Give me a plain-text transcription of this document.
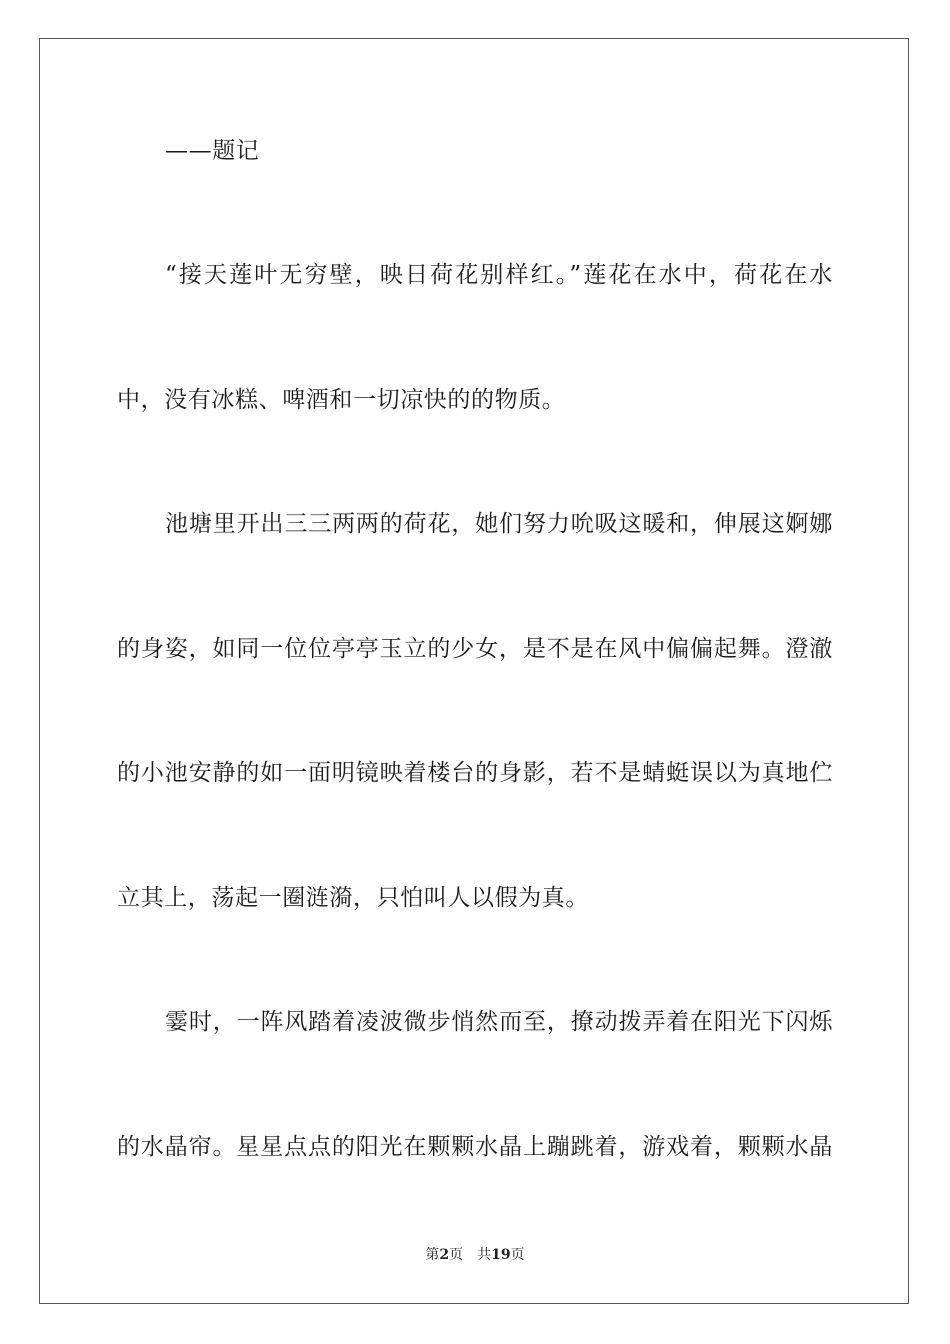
——题记
“接天莲叶无穷壁，映日荷花别样红。”莲花在水中，荷花在水
中，没有冰糕、啤酒和一切凉快的的物质。
池塘里开出三三两两的荷花，她们努力吮吸这暖和，伸展这婀娜
的身姿，如同一位位亭亭玉立的少女，是不是在风中偏偏起舞。澄澈
的小池安静的如一面明镜映着楼台的身影，若不是蜻蜓误以为真地伫
立其上，荡起一圈涟漪，只怕叫人以假为真。
霎时，一阵风踏着凌波微步悄然而至，撩动拨弄着在阳光下闪烁
的水晶帘。星星点点的阳光在颗颗水晶上蹦跳着，游戏着，颗颗水晶
第2页 共19页
